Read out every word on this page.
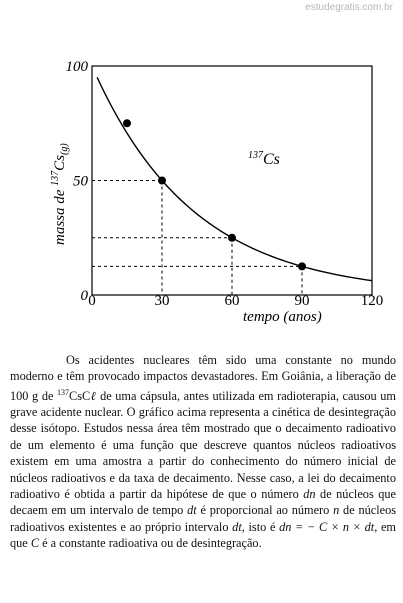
estudegratis.com.br
0	30	60	90	120
100
50
0
$^{137}$Cs
tempo (anos)
massa de $^{137}Cs_{(g)}$

Os acidentes nucleares têm sido uma constante no mundo moderno e têm provocado impactos devastadores. Em Goiânia, a liberação de 100 g de $^{137}$CsCℓ de uma cápsula, antes utilizada em radioterapia, causou um grave acidente nuclear. O gráfico acima representa a cinética de desintegração desse isótopo. Estudos nessa área têm mostrado que o decaimento radioativo de um elemento é uma função que descreve quantos núcleos radioativos existem em uma amostra a partir do conhecimento do número inicial de núcleos radioativos e da taxa de decaimento. Nesse caso, a lei do decaimento radioativo é obtida a partir da hipótese de que o número dn de núcleos que decaem em um intervalo de tempo dt é proporcional ao número n de núcleos radioativos existentes e ao próprio intervalo dt, isto é dn = − C × n × dt, em que C é a constante radioativa ou de desintegração.
